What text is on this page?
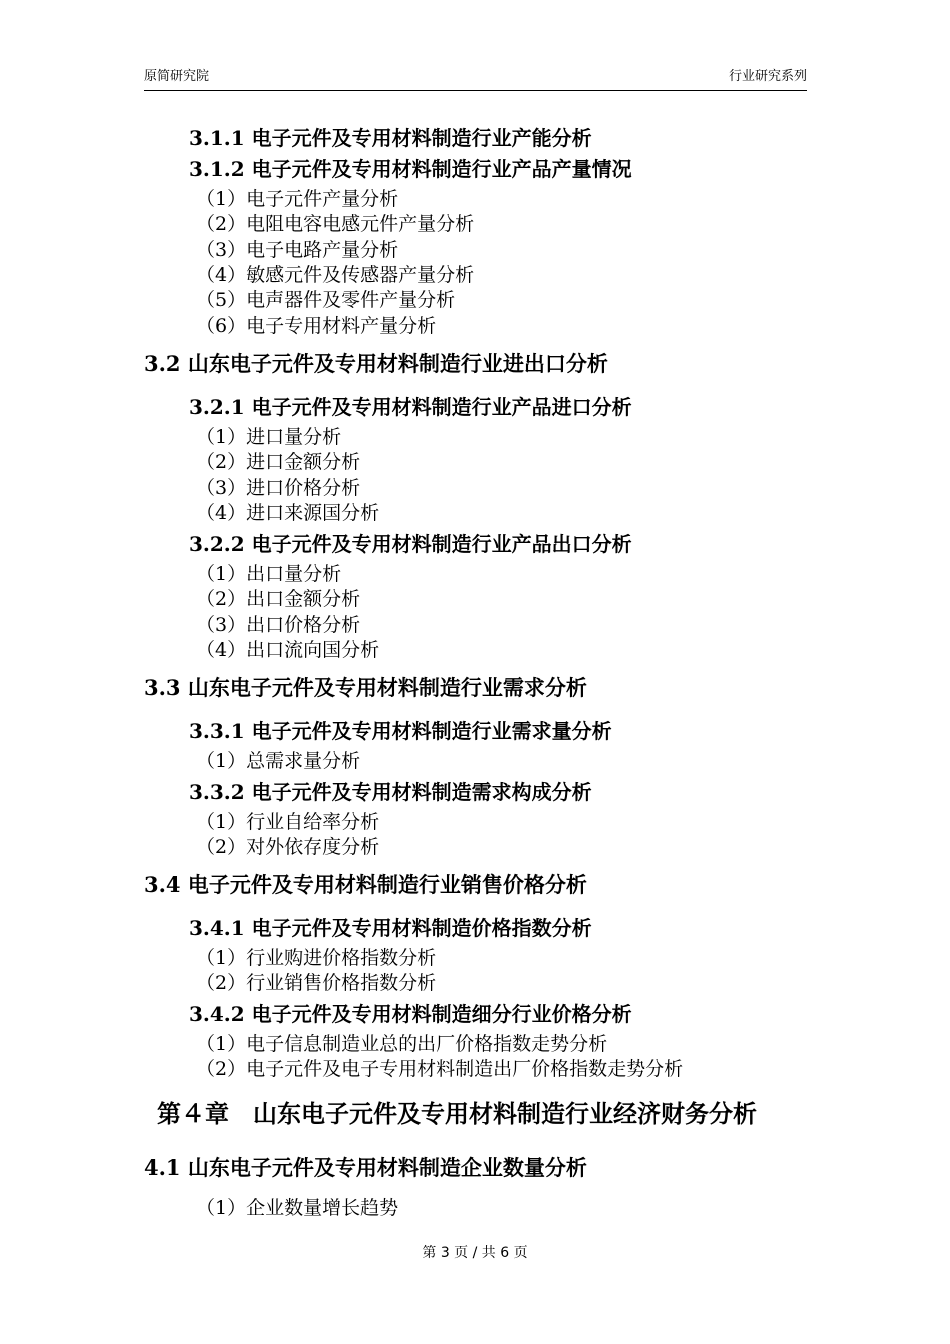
原简研究院	行业研究系列
3.1.1 电子元件及专用材料制造行业产能分析
3.1.2 电子元件及专用材料制造行业产品产量情况
（1）电子元件产量分析
（2）电阻电容电感元件产量分析
（3）电子电路产量分析
（4）敏感元件及传感器产量分析
（5）电声器件及零件产量分析
（6）电子专用材料产量分析
3.2 山东电子元件及专用材料制造行业进出口分析
3.2.1 电子元件及专用材料制造行业产品进口分析
（1）进口量分析
（2）进口金额分析
（3）进口价格分析
（4）进口来源国分析
3.2.2 电子元件及专用材料制造行业产品出口分析
（1）出口量分析
（2）出口金额分析
（3）出口价格分析
（4）出口流向国分析
3.3 山东电子元件及专用材料制造行业需求分析
3.3.1 电子元件及专用材料制造行业需求量分析
（1）总需求量分析
3.3.2 电子元件及专用材料制造需求构成分析
（1）行业自给率分析
（2）对外依存度分析
3.4 电子元件及专用材料制造行业销售价格分析
3.4.1 电子元件及专用材料制造价格指数分析
（1）行业购进价格指数分析
（2）行业销售价格指数分析
3.4.2 电子元件及专用材料制造细分行业价格分析
（1）电子信息制造业总的出厂价格指数走势分析
（2）电子元件及电子专用材料制造出厂价格指数走势分析
第４章　山东电子元件及专用材料制造行业经济财务分析
4.1 山东电子元件及专用材料制造企业数量分析
（1）企业数量增长趋势
第 3 页 / 共 6 页
